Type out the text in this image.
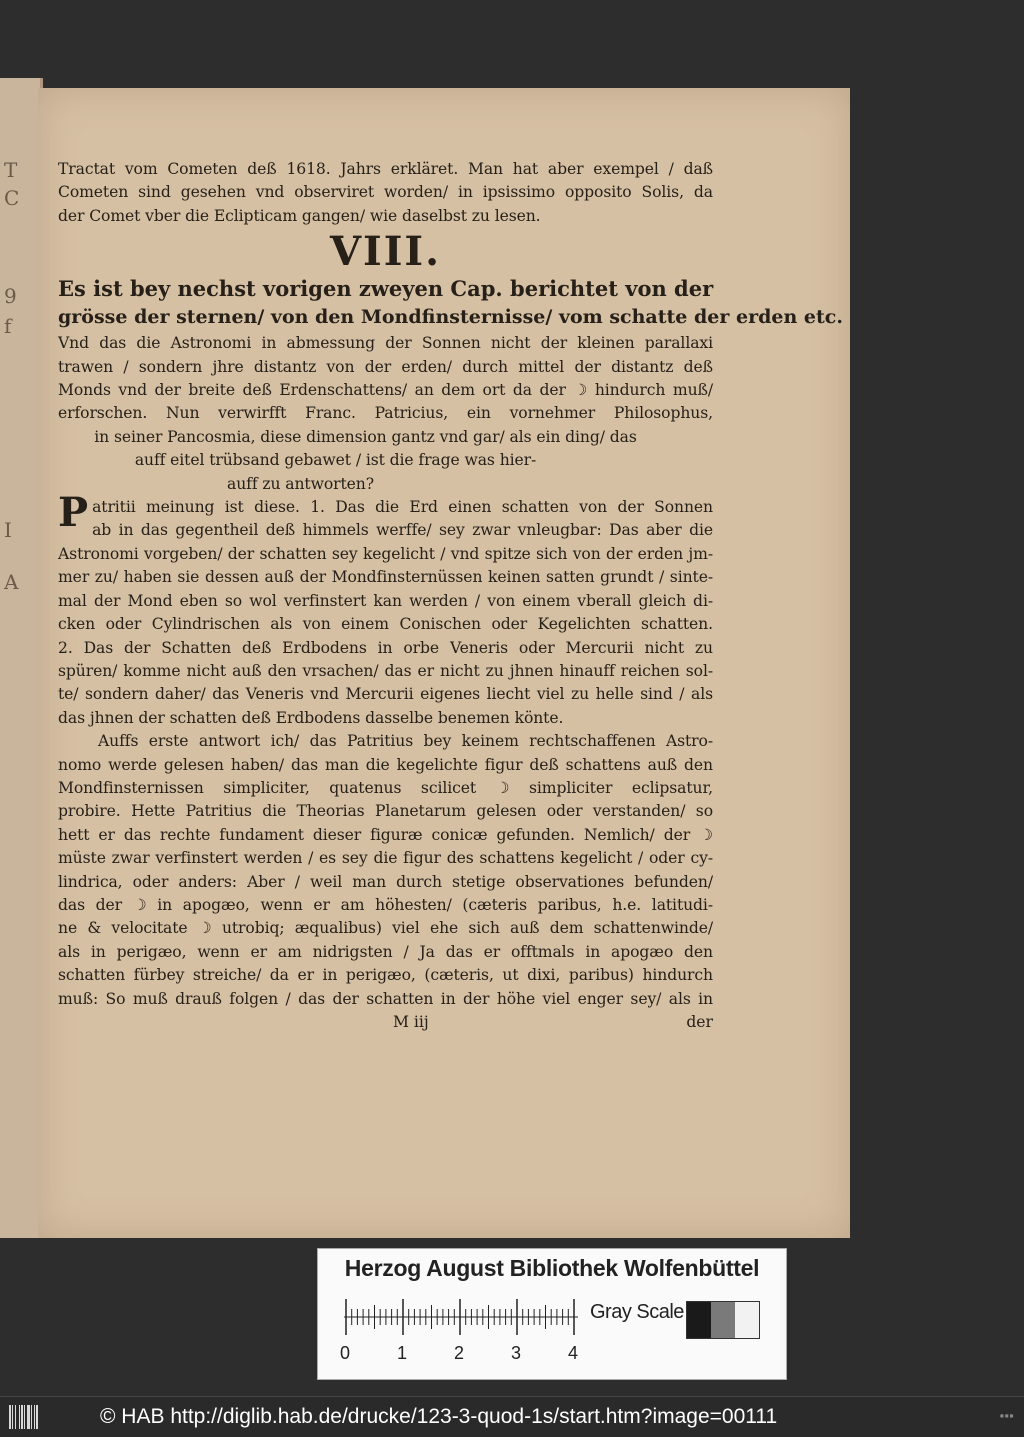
T
C
9
f
I
A
Tractat vom Cometen deß 1618. Jahrs erkläret. Man hat aber exempel / daß
Cometen sind gesehen vnd observiret worden/ in ipsissimo opposito Solis, da
der Comet vber die Eclipticam gangen/ wie daselbst zu lesen.
VIII.
Es ist bey nechst vorigen zweyen Cap. berichtet von der
grösse der sternen/ von den Mondfinsternisse/ vom schatte der erden etc.
Vnd das die Astronomi in abmessung der Sonnen nicht der kleinen parallaxi
trawen / sondern jhre distantz von der erden/ durch mittel der distantz deß
Monds vnd der breite deß Erdenschattens/ an dem ort da der ☽ hindurch muß/
erforschen. Nun verwirfft Franc. Patricius, ein vornehmer Philosophus,
in seiner Pancosmia, diese dimension gantz vnd gar/ als ein ding/ das
auff eitel trübsand gebawet / ist die frage was hier-
auff zu antworten?
P atritii meinung ist diese. 1. Das die Erd einen schatten von der Sonnen
ab in das gegentheil deß himmels werffe/ sey zwar vnleugbar: Das aber die
Astronomi vorgeben/ der schatten sey kegelicht / vnd spitze sich von der erden jm-
mer zu/ haben sie dessen auß der Mondfinsternüssen keinen satten grundt / sinte-
mal der Mond eben so wol verfinstert kan werden / von einem vberall gleich di-
cken oder Cylindrischen als von einem Conischen oder Kegelichten schatten.
2. Das der Schatten deß Erdbodens in orbe Veneris oder Mercurii nicht zu
spüren/ komme nicht auß den vrsachen/ das er nicht zu jhnen hinauff reichen sol-
te/ sondern daher/ das Veneris vnd Mercurii eigenes liecht viel zu helle sind / als
das jhnen der schatten deß Erdbodens dasselbe benemen könte.
Auffs erste antwort ich/ das Patritius bey keinem rechtschaffenen Astro-
nomo werde gelesen haben/ das man die kegelichte figur deß schattens auß den
Mondfinsternissen simpliciter, quatenus scilicet ☽ simpliciter eclipsatur,
probire. Hette Patritius die Theorias Planetarum gelesen oder verstanden/ so
hett er das rechte fundament dieser figuræ conicæ gefunden. Nemlich/ der ☽
müste zwar verfinstert werden / es sey die figur des schattens kegelicht / oder cy-
lindrica, oder anders: Aber / weil man durch stetige observationes befunden/
das der ☽ in apogæo, wenn er am höhesten/ (cæteris paribus, h.e. latitudi-
ne & velocitate ☽ utrobiq; æqualibus) viel ehe sich auß dem schattenwinde/
als in perigæo, wenn er am nidrigsten / Ja das er offtmals in apogæo den
schatten fürbey streiche/ da er in perigæo, (cæteris, ut dixi, paribus) hindurch
muß: So muß drauß folgen / das der schatten in der höhe viel enger sey/ als in
M iij	der
Herzog August Bibliothek Wolfenbüttel
0	1	2	3	4
Gray Scale
© HAB http://diglib.hab.de/drucke/123-3-quod-1s/start.htm?image=00111	▪▪▪
